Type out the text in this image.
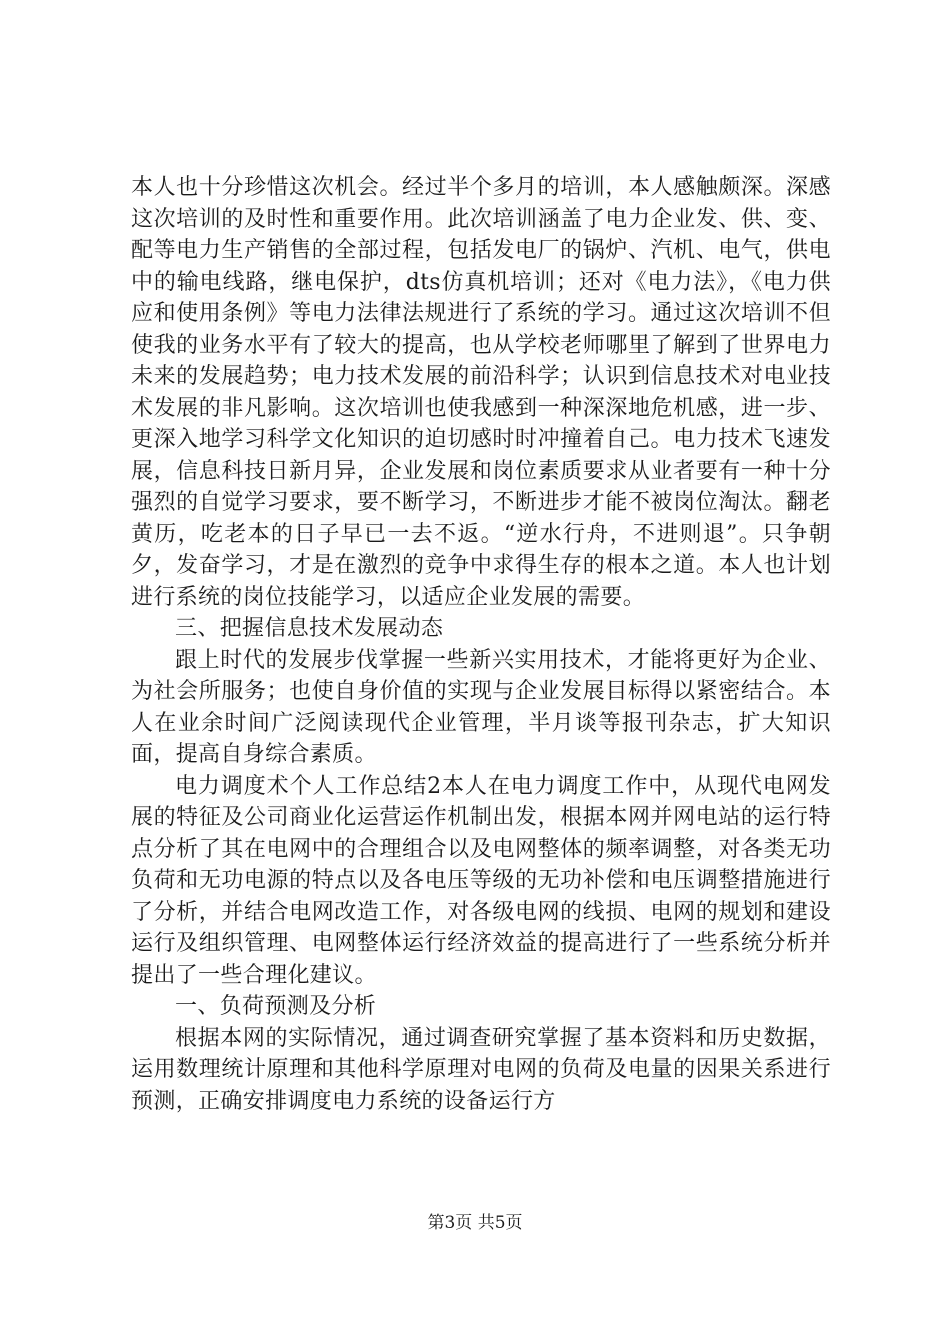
本人也十分珍惜这次机会。经过半个多月的培训，本人感触颇深。深感这次培训的及时性和重要作用。此次培训涵盖了电力企业发、供、变、配等电力生产销售的全部过程，包括发电厂的锅炉、汽机、电气，供电中的输电线路，继电保护，dts仿真机培训；还对《电力法》，《电力供应和使用条例》等电力法律法规进行了系统的学习。通过这次培训不但使我的业务水平有了较大的提高，也从学校老师哪里了解到了世界电力未来的发展趋势；电力技术发展的前沿科学；认识到信息技术对电业技术发展的非凡影响。这次培训也使我感到一种深深地危机感，进一步、更深入地学习科学文化知识的迫切感时时冲撞着自己。电力技术飞速发展，信息科技日新月异，企业发展和岗位素质要求从业者要有一种十分强烈的自觉学习要求，要不断学习，不断进步才能不被岗位淘汰。翻老黄历，吃老本的日子早已一去不返。“逆水行舟，不进则退”。只争朝夕，发奋学习，才是在激烈的竞争中求得生存的根本之道。本人也计划进行系统的岗位技能学习，以适应企业发展的需要。

三、把握信息技术发展动态

跟上时代的发展步伐掌握一些新兴实用技术，才能将更好为企业、为社会所服务；也使自身价值的实现与企业发展目标得以紧密结合。本人在业余时间广泛阅读现代企业管理，半月谈等报刊杂志，扩大知识面，提高自身综合素质。

电力调度术个人工作总结2本人在电力调度工作中，从现代电网发展的特征及公司商业化运营运作机制出发，根据本网并网电站的运行特点分析了其在电网中的合理组合以及电网整体的频率调整，对各类无功负荷和无功电源的特点以及各电压等级的无功补偿和电压调整措施进行了分析，并结合电网改造工作，对各级电网的线损、电网的规划和建设运行及组织管理、电网整体运行经济效益的提高进行了一些系统分析并提出了一些合理化建议。

一、负荷预测及分析

根据本网的实际情况，通过调查研究掌握了基本资料和历史数据，运用数理统计原理和其他科学原理对电网的负荷及电量的因果关系进行预测，正确安排调度电力系统的设备运行方

第3页 共5页
